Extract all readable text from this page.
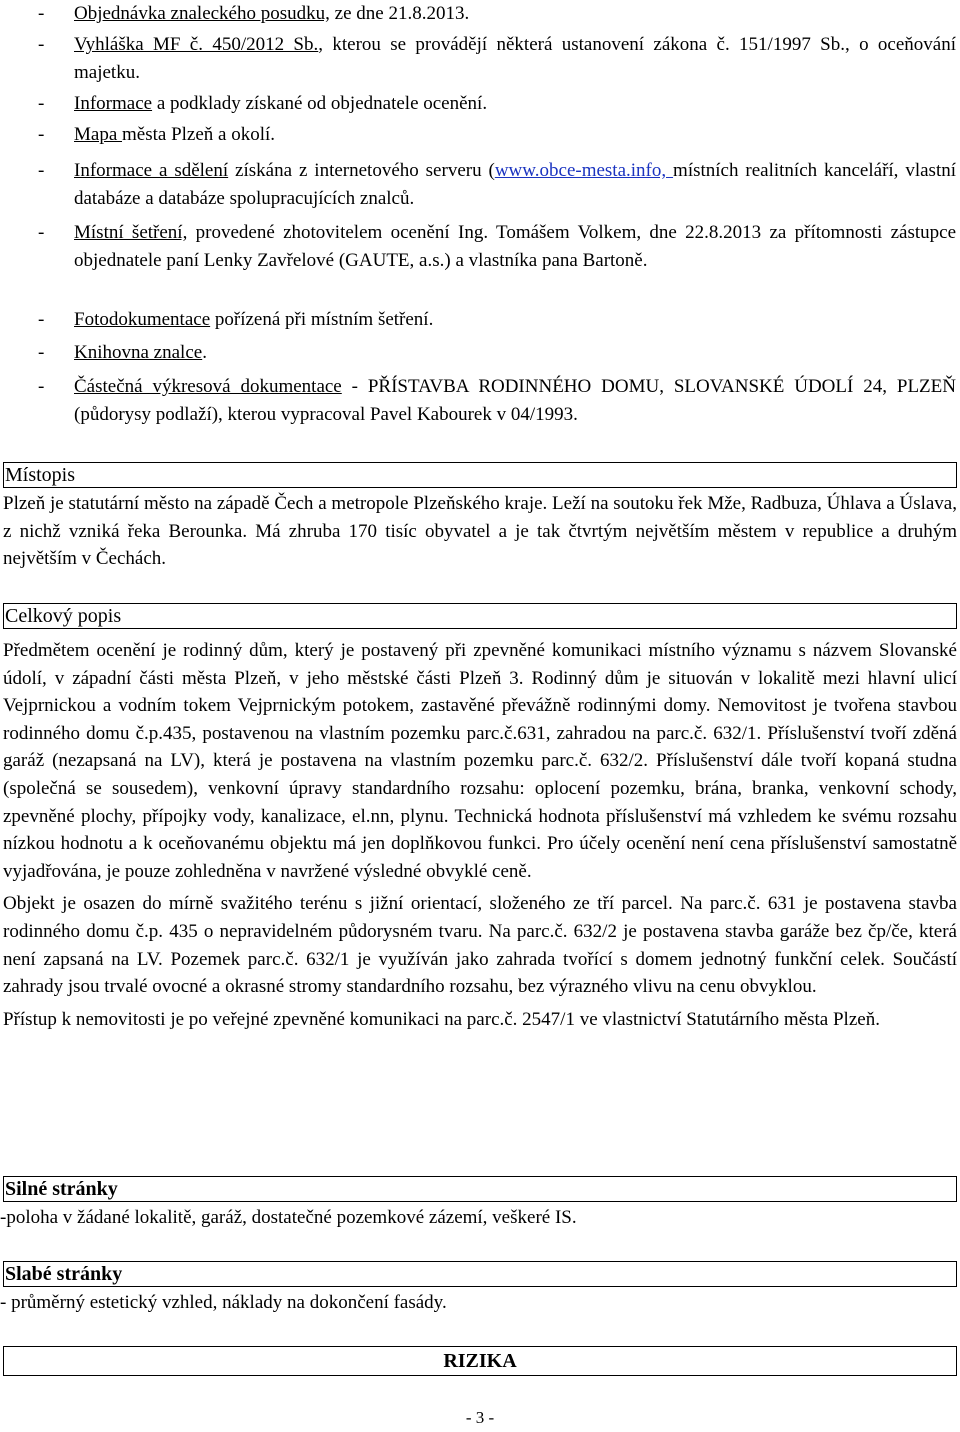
- Objednávka znaleckého posudku, ze dne 21.8.2013.
- Vyhláška MF č. 450/2012 Sb., kterou se provádějí některá ustanovení zákona č. 151/1997 Sb., o oceňování majetku.
- Informace a podklady získané od objednatele ocenění.
- Mapa města Plzeň a okolí.
- Informace a sdělení získána z internetového serveru (www.obce-mesta.info, místních realitních kanceláří, vlastní databáze a databáze spolupracujících znalců.
- Místní šetření, provedené zhotovitelem ocenění Ing. Tomášem Volkem, dne 22.8.2013 za přítomnosti zástupce objednatele paní Lenky Zavřelové (GAUTE, a.s.) a vlastníka pana Bartoně.
- Fotodokumentace pořízená při místním šetření.
- Knihovna znalce.
- Částečná výkresová dokumentace - PŘÍSTAVBA RODINNÉHO DOMU, SLOVANSKÉ ÚDOLÍ 24, PLZEŇ (půdorysy podlaží), kterou vypracoval Pavel Kabourek v 04/1993.
Místopis

Plzeň je statutární město na západě Čech a metropole Plzeňského kraje. Leží na soutoku řek Mže, Radbuza, Úhlava a Úslava, z nichž vzniká řeka Berounka. Má zhruba 170 tisíc obyvatel a je tak čtvrtým největším městem v republice a druhým největším v Čechách.

Celkový popis

Předmětem ocenění je rodinný dům, který je postavený při zpevněné komunikaci místního významu s názvem Slovanské údolí, v západní části města Plzeň, v jeho městské části Plzeň 3. Rodinný dům je situován v lokalitě mezi hlavní ulicí Vejprnickou a vodním tokem Vejprnickým potokem, zastavěné převážně rodinnými domy. Nemovitost je tvořena stavbou rodinného domu č.p.435, postavenou na vlastním pozemku parc.č.631, zahradou na parc.č. 632/1. Příslušenství tvoří zděná garáž (nezapsaná na LV), která je postavena na vlastním pozemku parc.č. 632/2. Příslušenství dále tvoří kopaná studna (společná se sousedem), venkovní úpravy standardního rozsahu: oplocení pozemku, brána, branka, venkovní schody, zpevněné plochy, přípojky vody, kanalizace, el.nn, plynu. Technická hodnota příslušenství má vzhledem ke svému rozsahu nízkou hodnotu a k oceňovanému objektu má jen doplňkovou funkci. Pro účely ocenění není cena příslušenství samostatně vyjadřována, je pouze zohledněna v navržené výsledné obvyklé ceně.

Objekt je osazen do mírně svažitého terénu s jižní orientací, složeného ze tří parcel. Na parc.č. 631 je postavena stavba rodinného domu č.p. 435 o nepravidelném půdorysném tvaru. Na parc.č. 632/2 je postavena stavba garáže bez čp/če, která není zapsaná na LV. Pozemek parc.č. 632/1 je využíván jako zahrada tvořící s domem jednotný funkční celek. Součástí zahrady jsou trvalé ovocné a okrasné stromy standardního rozsahu, bez výrazného vlivu na cenu obvyklou.

Přístup k nemovitosti je po veřejné zpevněné komunikaci na parc.č. 2547/1 ve vlastnictví Statutárního města Plzeň.

Silné stránky

-poloha v žádané lokalitě, garáž, dostatečné pozemkové zázemí, veškeré IS.

Slabé stránky

- průměrný estetický vzhled, náklady na dokončení fasády.

RIZIKA
- 3 -
